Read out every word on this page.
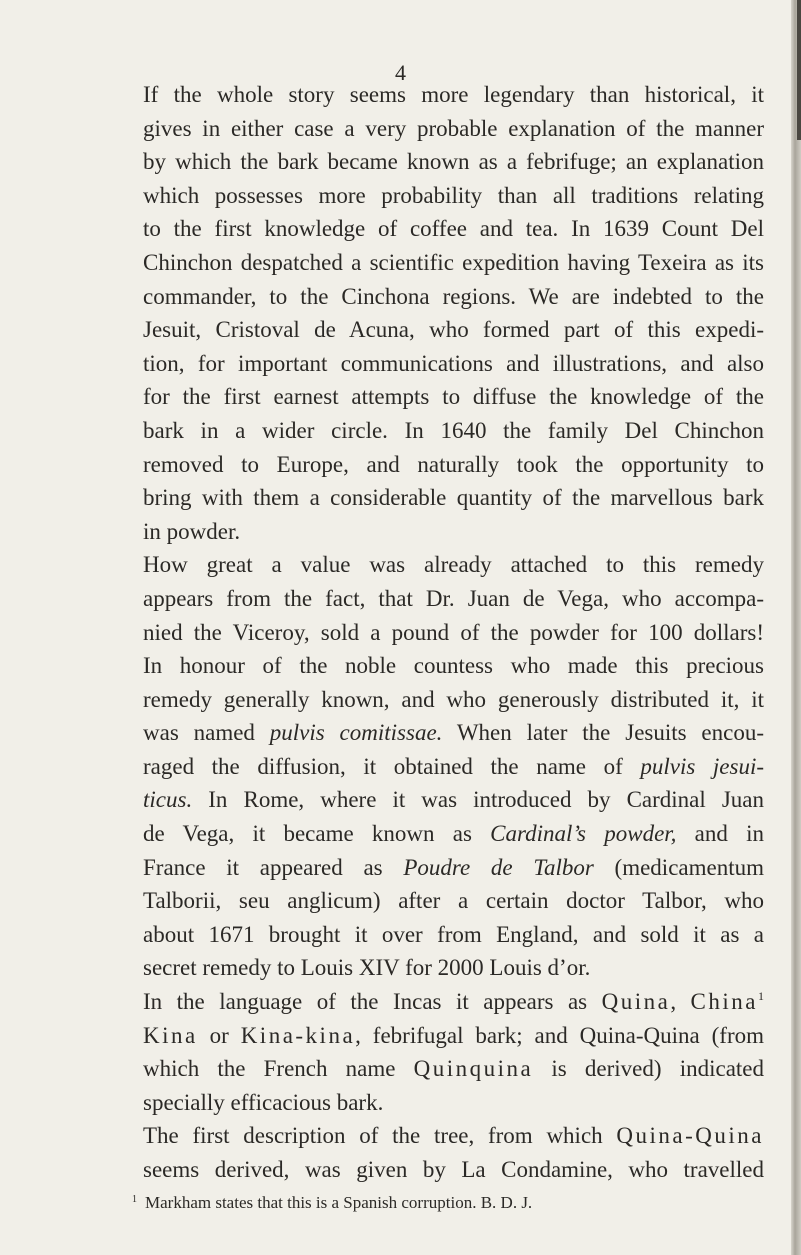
4

If the whole story seems more legendary than historical, it
gives in either case a very probable explanation of the manner
by which the bark became known as a febrifuge; an explanation
which possesses more probability than all traditions relating
to the first knowledge of coffee and tea. In 1639 Count Del
Chinchon despatched a scientific expedition having Texeira as its
commander, to the Cinchona regions. We are indebted to the
Jesuit, Cristoval de Acuna, who formed part of this expedi-
tion, for important communications and illustrations, and also
for the first earnest attempts to diffuse the knowledge of the
bark in a wider circle. In 1640 the family Del Chinchon
removed to Europe, and naturally took the opportunity to
bring with them a considerable quantity of the marvellous bark
in powder.

How great a value was already attached to this remedy
appears from the fact, that Dr. Juan de Vega, who accompa-
nied the Viceroy, sold a pound of the powder for 100 dollars!
In honour of the noble countess who made this precious
remedy generally known, and who generously distributed it, it
was named pulvis comitissae. When later the Jesuits encou-
raged the diffusion, it obtained the name of pulvis jesui-
ticus. In Rome, where it was introduced by Cardinal Juan
de Vega, it became known as Cardinal’s powder, and in
France it appeared as Poudre de Talbor (medicamentum
Talborii, seu anglicum) after a certain doctor Talbor, who
about 1671 brought it over from England, and sold it as a
secret remedy to Louis XIV for 2000 Louis d’or.

In the language of the Incas it appears as Quina, China$^1$
Kina or Kina-kina, febrifugal bark; and Quina-Quina (from
which the French name Quinquina is derived) indicated
specially efficacious bark.

The first description of the tree, from which Quina-Quina
seems derived, was given by La Condamine, who travelled

$^1$ Markham states that this is a Spanish corruption. B. D. J.
